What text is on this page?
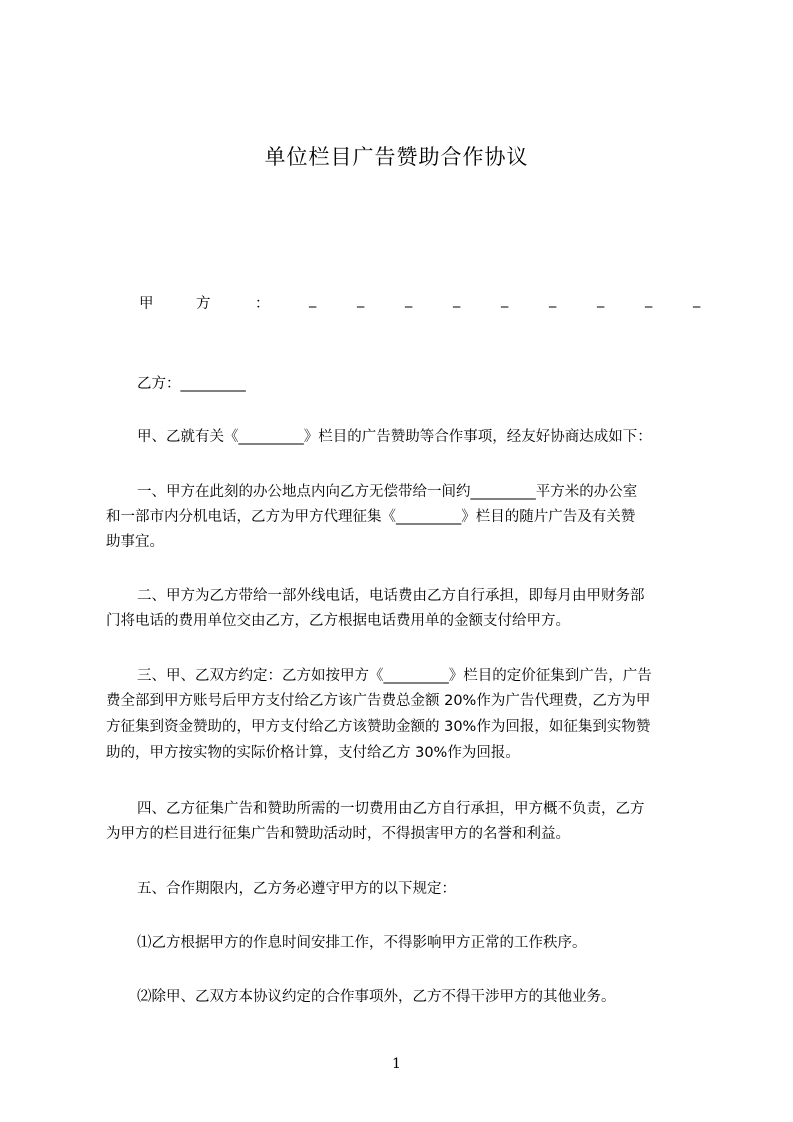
单位栏目广告赞助合作协议
甲	方	：	_	_	_	_	_	_	_	_	_
乙方：_________
甲、乙就有关《_________》栏目的广告赞助等合作事项，经友好协商达成如下：
一、甲方在此刻的办公地点内向乙方无偿带给一间约_________平方米的办公室
和一部市内分机电话，乙方为甲方代理征集《_________》栏目的随片广告及有关赞
助事宜。
二、甲方为乙方带给一部外线电话，电话费由乙方自行承担，即每月由甲财务部
门将电话的费用单位交由乙方，乙方根据电话费用单的金额支付给甲方。
三、甲、乙双方约定：乙方如按甲方《_________》栏目的定价征集到广告，广告
费全部到甲方账号后甲方支付给乙方该广告费总金额 20%作为广告代理费，乙方为甲
方征集到资金赞助的，甲方支付给乙方该赞助金额的 30%作为回报，如征集到实物赞
助的，甲方按实物的实际价格计算，支付给乙方 30%作为回报。
四、乙方征集广告和赞助所需的一切费用由乙方自行承担，甲方概不负责，乙方
为甲方的栏目进行征集广告和赞助活动时，不得损害甲方的名誉和利益。
五、合作期限内，乙方务必遵守甲方的以下规定：
⑴乙方根据甲方的作息时间安排工作，不得影响甲方正常的工作秩序。
⑵除甲、乙双方本协议约定的合作事项外，乙方不得干涉甲方的其他业务。
1
